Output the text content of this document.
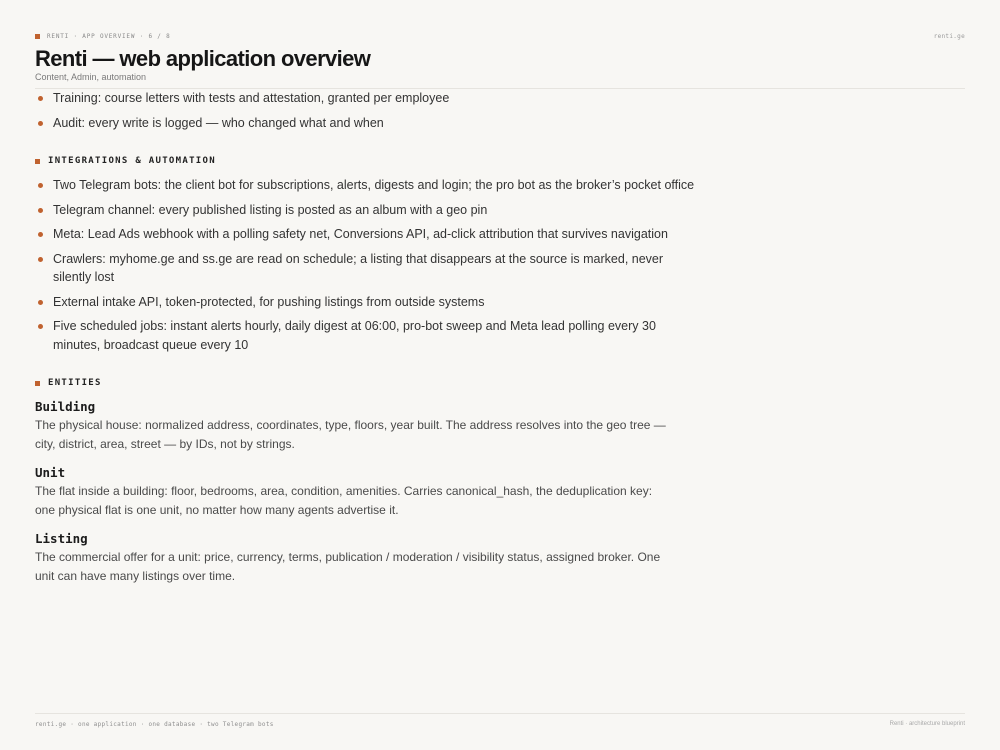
RENTI · APP OVERVIEW · 6 / 8	renti.ge
Renti — web application overview
Content, Admin, automation
Training: course letters with tests and attestation, granted per employee
Audit: every write is logged — who changed what and when
INTEGRATIONS & AUTOMATION
Two Telegram bots: the client bot for subscriptions, alerts, digests and login; the pro bot as the broker’s pocket office
Telegram channel: every published listing is posted as an album with a geo pin
Meta: Lead Ads webhook with a polling safety net, Conversions API, ad-click attribution that survives navigation
Crawlers: myhome.ge and ss.ge are read on schedule; a listing that disappears at the source is marked, never silently lost
External intake API, token-protected, for pushing listings from outside systems
Five scheduled jobs: instant alerts hourly, daily digest at 06:00, pro-bot sweep and Meta lead polling every 30 minutes, broadcast queue every 10
ENTITIES
Building
The physical house: normalized address, coordinates, type, floors, year built. The address resolves into the geo tree — city, district, area, street — by IDs, not by strings.
Unit
The flat inside a building: floor, bedrooms, area, condition, amenities. Carries canonical_hash, the deduplication key: one physical flat is one unit, no matter how many agents advertise it.
Listing
The commercial offer for a unit: price, currency, terms, publication / moderation / visibility status, assigned broker. One unit can have many listings over time.
renti.ge · one application · one database · two Telegram bots	Renti · architecture blueprint
